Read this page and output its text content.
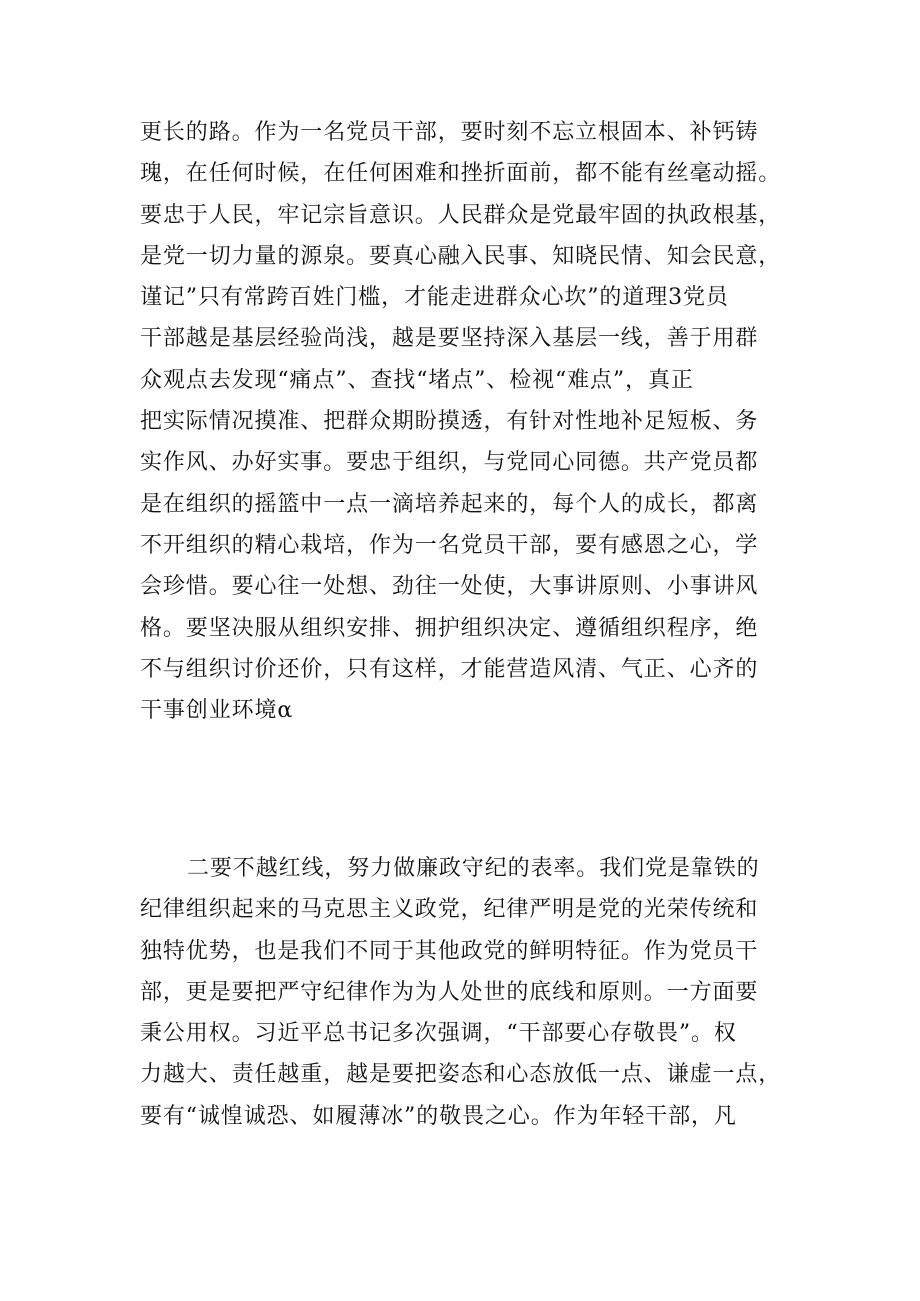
更长的路。作为一名党员干部，要时刻不忘立根固本、补钙铸
瑰，在任何时候，在任何困难和挫折面前，都不能有丝毫动摇。
要忠于人民，牢记宗旨意识。人民群众是党最牢固的执政根基，
是党一切力量的源泉。要真心融入民事、知晓民情、知会民意，
谨记”只有常跨百姓门槛，才能走进群众心坎”的道理3党员
干部越是基层经验尚浅，越是要坚持深入基层一线，善于用群
众观点去发现“痛点”、查找“堵点”、检视“难点”，真正
把实际情况摸准、把群众期盼摸透，有针对性地补足短板、务
实作风、办好实事。要忠于组织，与党同心同德。共产党员都
是在组织的摇篮中一点一滴培养起来的，每个人的成长，都离
不开组织的精心栽培，作为一名党员干部，要有感恩之心，学
会珍惜。要心往一处想、劲往一处使，大事讲原则、小事讲风
格。要坚决服从组织安排、拥护组织决定、遵循组织程序，绝
不与组织讨价还价，只有这样，才能营造风清、气正、心齐的
干事创业环境α
二要不越红线，努力做廉政守纪的表率。我们党是靠铁的
纪律组织起来的马克思主义政党，纪律严明是党的光荣传统和
独特优势，也是我们不同于其他政党的鲜明特征。作为党员干
部，更是要把严守纪律作为为人处世的底线和原则。一方面要
秉公用权。习近平总书记多次强调，“干部要心存敬畏”。权
力越大、责任越重，越是要把姿态和心态放低一点、谦虚一点，
要有“诚惶诚恐、如履薄冰”的敬畏之心。作为年轻干部，凡
